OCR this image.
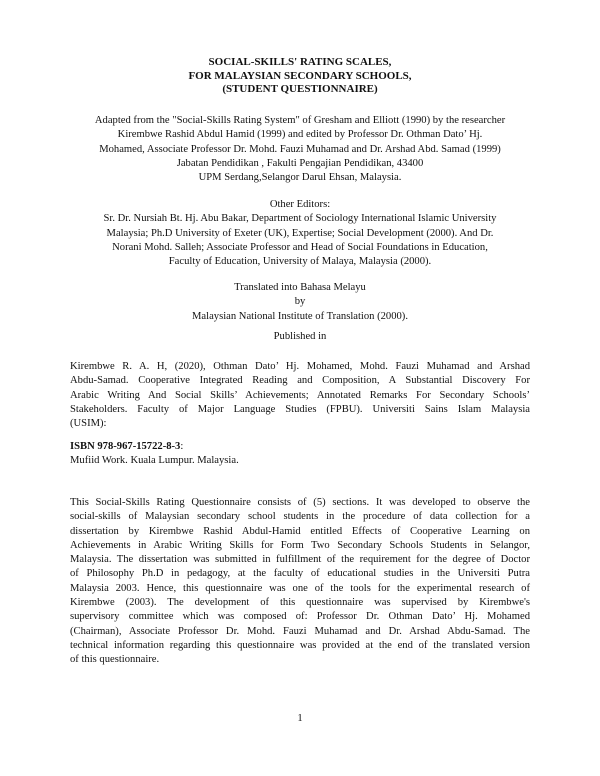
SOCIAL-SKILLS' RATING SCALES,
FOR MALAYSIAN SECONDARY SCHOOLS,
(STUDENT QUESTIONNAIRE)
Adapted from the "Social-Skills Rating System" of Gresham and Elliott (1990) by the researcher
Kirembwe Rashid Abdul Hamid (1999) and edited by Professor Dr. Othman Dato’ Hj.
Mohamed, Associate Professor Dr. Mohd. Fauzi Muhamad and Dr. Arshad Abd. Samad (1999)
Jabatan Pendidikan , Fakulti Pengajian Pendidikan, 43400
UPM Serdang,Selangor Darul Ehsan, Malaysia.
Other Editors:
Sr. Dr. Nursiah Bt. Hj. Abu Bakar, Department of Sociology International Islamic University
Malaysia; Ph.D University of Exeter (UK), Expertise; Social Development (2000). And Dr.
Norani Mohd. Salleh; Associate Professor and Head of Social Foundations in Education,
Faculty of Education, University of Malaya, Malaysia (2000).
Translated into Bahasa Melayu
by
Malaysian National Institute of Translation (2000).
Published in
Kirembwe R. A. H, (2020), Othman Dato’ Hj. Mohamed, Mohd. Fauzi Muhamad and Arshad
Abdu-Samad. Cooperative Integrated Reading and Composition, A Substantial Discovery For
Arabic Writing And Social Skills’ Achievements; Annotated Remarks For Secondary Schools’
Stakeholders. Faculty of Major Language Studies (FPBU). Universiti Sains Islam Malaysia
(USIM):
ISBN 978-967-15722-8-3:
Mufiid Work. Kuala Lumpur. Malaysia.
This Social-Skills Rating Questionnaire consists of (5) sections. It was developed to observe the
social-skills of Malaysian secondary school students in the procedure of data collection for a
dissertation by Kirembwe Rashid Abdul-Hamid entitled Effects of Cooperative Learning on
Achievements in Arabic Writing Skills for Form Two Secondary Schools Students in Selangor,
Malaysia. The dissertation was submitted in fulfillment of the requirement for the degree of Doctor
of Philosophy Ph.D in pedagogy, at the faculty of educational studies in the Universiti Putra
Malaysia 2003. Hence, this questionnaire was one of the tools for the experimental research of
Kirembwe (2003). The development of this questionnaire was supervised by Kirembwe's
supervisory committee which was composed of: Professor Dr. Othman Dato’ Hj. Mohamed
(Chairman), Associate Professor Dr. Mohd. Fauzi Muhamad and Dr. Arshad Abdu-Samad. The
technical information regarding this questionnaire was provided at the end of the translated version
of this questionnaire.
1
